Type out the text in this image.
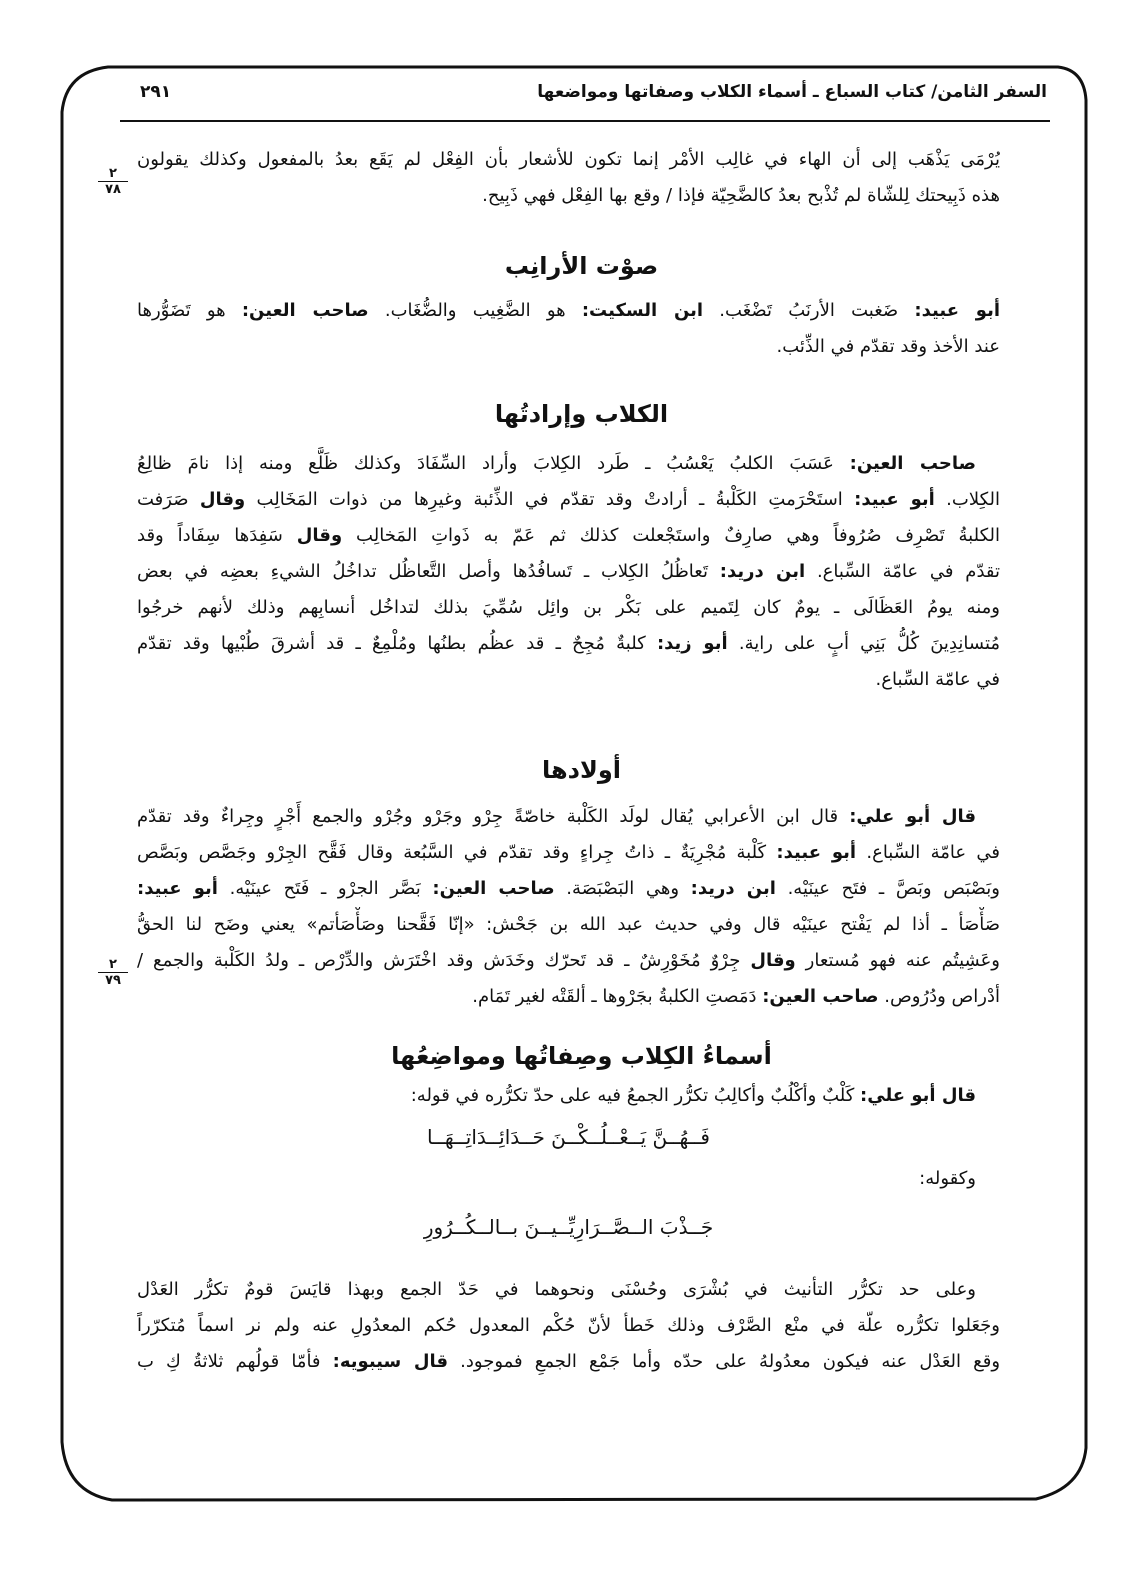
السفر الثامن/ كتاب السباع ـ أسماء الكلاب وصفاتها ومواضعها
٢٩١
٢
٧٨
٢
٧٩
يُرْمَى يَذْهَب إلى أن الهاء في غالِب الأمْر إنما تكون للأشعار بأن الفِعْل لم يَقَع بعدُ بالمفعول وكذلك يقولون
هذه ذَبِيحتك لِلشّاة لم تُذْبح بعدُ كالضَّحِيّة فإذا / وقع بها الفِعْل فهي ذَبِيح.
صوْت الأرانِب
أبو عبيد: ضَغبت الأرنَبُ تَضْغَب. ابن السكيت: هو الضَّغِيب والضُّغَاب. صاحب العين: هو تَضَوُّرها
عند الأخذ وقد تقدّم في الذِّئب.
الكلاب وإرادتُها
صاحب العين: عَسَبَ الكلبُ يَعْسُبُ ـ طَرد الكِلابَ وأراد السِّفَادَ وكذلك ظَلَّع ومنه إذا نامَ ظالِعُ
الكِلاب. أبو عبيد: استَحْرَمتِ الكَلْبةُ ـ أرادتْ وقد تقدّم في الذِّئبة وغيرِها من ذوات المَخَالِب وقال صَرَفت
الكلبةُ تَصْرِف صُرُوفاً وهي صارِفٌ واستَجْعلت كذلك ثم عَمّ به ذَواتِ المَخالِب وقال سَفِدَها سِفَاداً وقد
تقدّم في عامّة السِّباع. ابن دريد: تَعاظُلُ الكِلاب ـ تَسافُدُها وأصل التَّعاظُل تداخُلُ الشيءِ بعضِه في بعض
ومنه يومُ العَظَالَى ـ يومٌ كان لِتَميم على بَكْر بن وائِل سُمِّيَ بذلك لتداخُل أنسابِهم وذلك لأنهم خرجُوا
مُتسانِدِينَ كُلُّ بَنِي أبٍ على راية. أبو زيد: كلبةٌ مُجِحٌ ـ قد عظُم بطنُها ومُلْمِعٌ ـ قد أشرقَ طُبْيها وقد تقدّم
في عامّة السِّباع.
أولادها
قال أبو علي: قال ابن الأعرابي يُقال لولَد الكَلْبة خاصّةً جِرْو وجَرْو وجُرْو والجمع أَجْرٍ وجِراءٌ وقد تقدّم
في عامّة السِّباع. أبو عبيد: كَلْبة مُجْرِيَةٌ ـ ذاتُ جِراءٍ وقد تقدّم في السَّبُعة وقال فَقَّح الجِرْو وجَصَّص وبَصَّص
وبَصْبَص وبَصَّ ـ فتَح عينَيْه. ابن دريد: وهي البَصْبَصَة. صاحب العين: بَصَّر الجرْو ـ فَتَح عينَيْه. أبو عبيد:
صَأْصَأ ـ أذا لم يَفْتح عينَيْه قال وفي حديث عبد الله بن جَحْش: «إنّا فَقَّحنا وصَأْصَأتم» يعني وضَح لنا الحقُّ
وعَشِيتُم عنه فهو مُستعار وقال جِرْوٌ مُخَوْرِشٌ ـ قد تَحرّك وخَدَش وقد اخْتَرَش والدِّرْص ـ ولدُ الكَلْبة والجمع /
أدْراص ودُرُوص. صاحب العين: دَمَصتِ الكلبةُ بجَرْوها ـ ألقَتْه لغير تَمَام.
أسماءُ الكِلاب وصِفاتُها ومواضِعُها
قال أبو علي: كَلْبٌ وأكْلُبٌ وأكالِبُ تكرُّر الجمعُ فيه على حدّ تكرُّره في قوله:
فَــهُــنَّ يَــعْــلُــكْــنَ حَــدَائِــدَاتِــهَــا
وكقوله:
جَــذْبَ الــصَّــرَارِيِّــيــنَ بــالــكُــرُورِ
وعلى حد تكرُّر التأنيث في بُشْرَى وحُسْنَى ونحوهما في حَدّ الجمع وبهذا قايَسَ قومٌ تكرُّر العَدْل
وجَعَلوا تكرُّره علّة في منْع الصَّرْف وذلك خَطأ لأنّ حُكْم المعدول حُكم المعدُولِ عنه ولم نر اسماً مُتكرّراً
وقع العَدْل عنه فيكون معدُولهُ على حدّه وأما جَمْع الجمعِ فموجود. قال سيبويه: فأمّا قولُهم ثلاثةُ كِ ب
